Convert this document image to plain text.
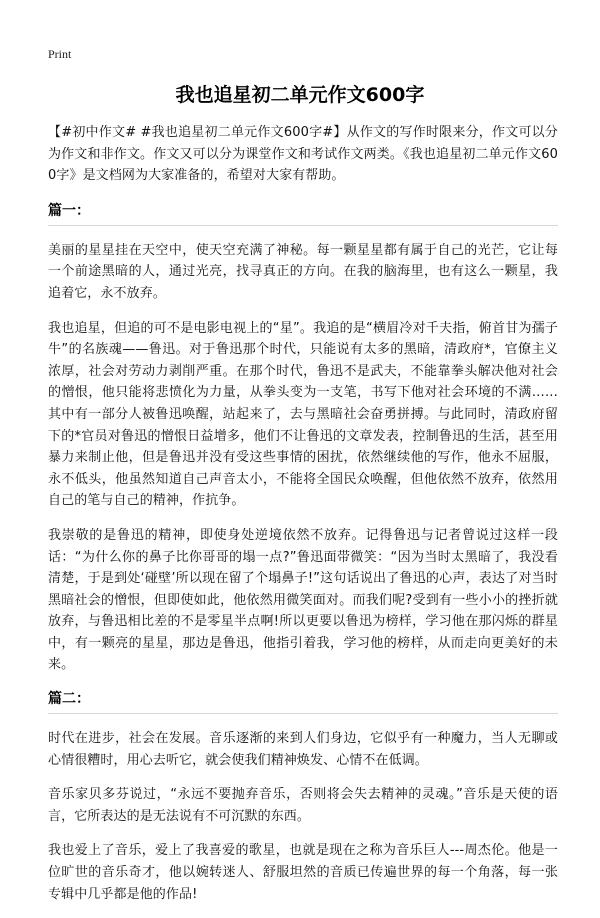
Print
我也追星初二单元作文600字

【#初中作文# #我也追星初二单元作文600字#】从作文的写作时限来分，作文可以分为作文和非作文。作文又可以分为课堂作文和考试作文两类。《我也追星初二单元作文600字》是文档网为大家准备的，希望对大家有帮助。

篇一：

美丽的星星挂在天空中，使天空充满了神秘。每一颗星星都有属于自己的光芒，它让每一个前途黑暗的人，通过光亮，找寻真正的方向。在我的脑海里，也有这么一颗星，我追着它，永不放弃。

我也追星，但追的可不是电影电视上的“星”。我追的是“横眉冷对千夫指，俯首甘为孺子牛”的名族魂——鲁迅。对于鲁迅那个时代，只能说有太多的黑暗，清政府*，官僚主义浓厚，社会对劳动力剥削严重。在那个时代，鲁迅不是武夫，不能靠拳头解决他对社会的憎恨，他只能将悲愤化为力量，从拳头变为一支笔，书写下他对社会环境的不满……其中有一部分人被鲁迅唤醒，站起来了，去与黑暗社会奋勇拼搏。与此同时，清政府留下的*官员对鲁迅的憎恨日益增多，他们不让鲁迅的文章发表，控制鲁迅的生活，甚至用暴力来制止他，但是鲁迅并没有受这些事情的困扰，依然继续他的写作，他永不屈服，永不低头，他虽然知道自己声音太小，不能将全国民众唤醒，但他依然不放弃，依然用自己的笔与自己的精神，作抗争。

我崇敬的是鲁迅的精神，即使身处逆境依然不放弃。记得鲁迅与记者曾说过这样一段话：“为什么你的鼻子比你哥哥的塌一点?”鲁迅面带微笑：“因为当时太黑暗了，我没看清楚，于是到处‘碰壁’所以现在留了个塌鼻子!”这句话说出了鲁迅的心声，表达了对当时黑暗社会的憎恨，但即使如此，他依然用微笑面对。而我们呢?受到有一些小小的挫折就放弃，与鲁迅相比差的不是零星半点啊!所以更要以鲁迅为榜样，学习他在那闪烁的群星中，有一颗亮的星星，那边是鲁迅，他指引着我，学习他的榜样，从而走向更美好的未来。

篇二：

时代在进步，社会在发展。音乐逐渐的来到人们身边，它似乎有一种魔力，当人无聊或心情很糟时，用心去听它，就会使我们精神焕发、心情不在低调。

音乐家贝多芬说过，“永远不要抛弃音乐，否则将会失去精神的灵魂。”音乐是天使的语言，它所表达的是无法说有不可沉默的东西。

我也爱上了音乐，爱上了我喜爱的歌星，也就是现在之称为音乐巨人---周杰伦。他是一位旷世的音乐奇才，他以婉转迷人、舒服坦然的音质已传遍世界的每一个角落，每一张专辑中几乎都是他的作品!
